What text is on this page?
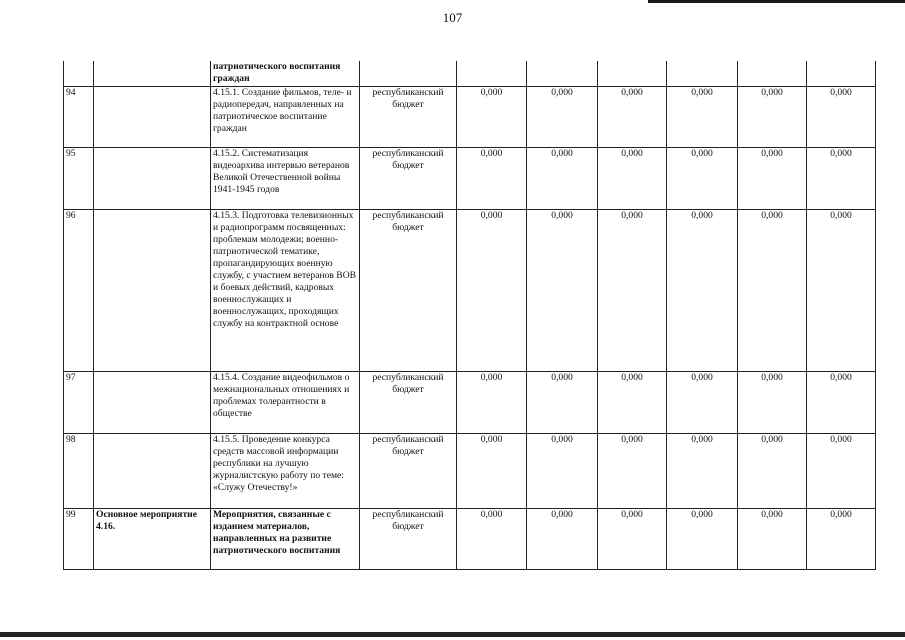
107
		патриотического воспитания граждан							
94		4.15.1. Создание фильмов, теле- и радиопередач, направленных на патриотическое воспитание граждан	республиканский бюджет	0,000	0,000	0,000	0,000	0,000	0,000
95		4.15.2. Систематизация видеоархива интервью ветеранов Великой Отечественной войны 1941-1945 годов	республиканский бюджет	0,000	0,000	0,000	0,000	0,000	0,000
96		4.15.3. Подготовка телевизионных и радиопрограмм посвященных: проблемам молодежи; военно-патриотической тематике, пропагандирующих военную службу, с участием ветеранов ВОВ и боевых действий, кадровых военнослужащих и военнослужащих, проходящих службу на контрактной основе	республиканский бюджет	0,000	0,000	0,000	0,000	0,000	0,000
97		4.15.4. Создание видеофильмов о межнациональных отношениях и проблемах толерантности в обществе	республиканский бюджет	0,000	0,000	0,000	0,000	0,000	0,000
98		4.15.5. Проведение конкурса средств массовой информации республики на лучшую журналистскую работу по теме: «Служу Отечеству!»	республиканский бюджет	0,000	0,000	0,000	0,000	0,000	0,000
99	Основное мероприятие 4.16.	Мероприятия, связанные с изданием материалов, направленных на развитие патриотического воспитания	республиканский бюджет	0,000	0,000	0,000	0,000	0,000	0,000
